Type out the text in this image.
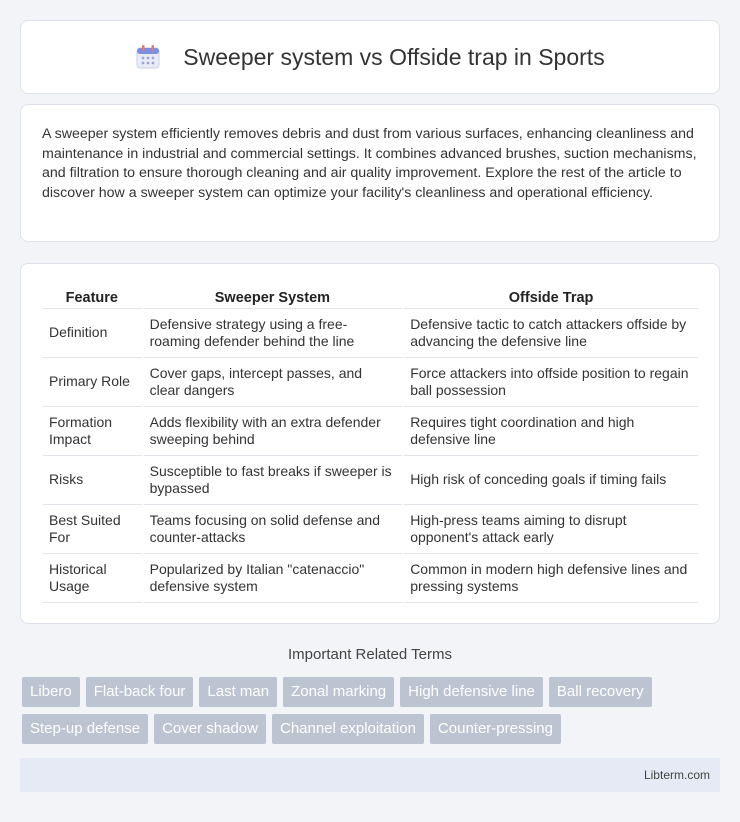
Sweeper system vs Offside trap in Sports

A sweeper system efficiently removes debris and dust from various surfaces, enhancing cleanliness and maintenance in industrial and commercial settings. It combines advanced brushes, suction mechanisms, and filtration to ensure thorough cleaning and air quality improvement. Explore the rest of the article to discover how a sweeper system can optimize your facility's cleanliness and operational efficiency.

Feature	Sweeper System	Offside Trap
Definition	Defensive strategy using a free-roaming defender behind the line	Defensive tactic to catch attackers offside by advancing the defensive line
Primary Role	Cover gaps, intercept passes, and clear dangers	Force attackers into offside position to regain ball possession
Formation Impact	Adds flexibility with an extra defender sweeping behind	Requires tight coordination and high defensive line
Risks	Susceptible to fast breaks if sweeper is bypassed	High risk of conceding goals if timing fails
Best Suited For	Teams focusing on solid defense and counter-attacks	High-press teams aiming to disrupt opponent's attack early
Historical Usage	Popularized by Italian "catenaccio" defensive system	Common in modern high defensive lines and pressing systems
Important Related Terms
Libero	Flat-back four	Last man	Zonal marking	High defensive line	Ball recovery
Step-up defense	Cover shadow	Channel exploitation	Counter-pressing
Libterm.com
